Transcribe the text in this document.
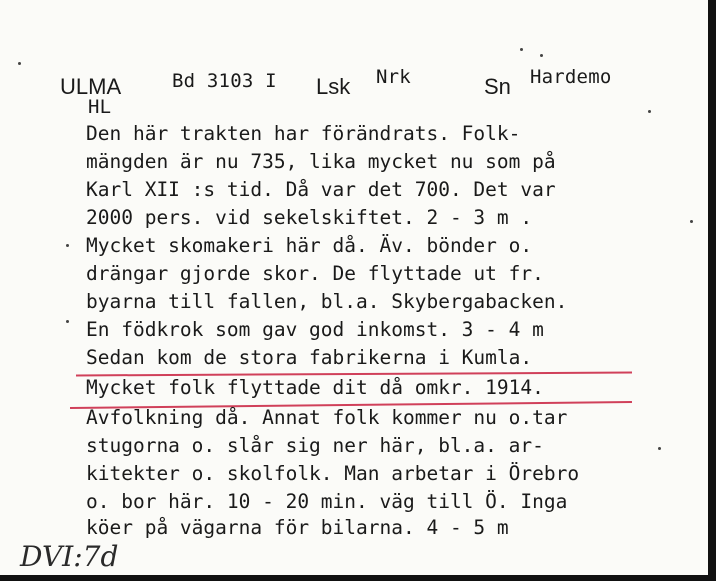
ULMA	Bd 3103 I Lsk Nrk	Sn Hardemo
HL
Den här trakten har förändrats. Folk-
mängden är nu 735, lika mycket nu som på
Karl XII :s tid. Då var det 700. Det var
2000 pers. vid sekelskiftet. 2 - 3 m .
Mycket skomakeri här då. Äv. bönder o.
drängar gjorde skor. De flyttade ut fr.
byarna till fallen, bl.a. Skybergabacken.
En födkrok som gav god inkomst. 3 - 4 m
Sedan kom de stora fabrikerna i Kumla.
Mycket folk flyttade dit då omkr. 1914.
Avfolkning då. Annat folk kommer nu o.tar
stugorna o. slår sig ner här, bl.a. ar-
kitekter o. skolfolk. Man arbetar i Örebro
o. bor här. 10 - 20 min. väg till Ö. Inga
köer på vägarna för bilarna. 4 - 5 m
DVI:7d
